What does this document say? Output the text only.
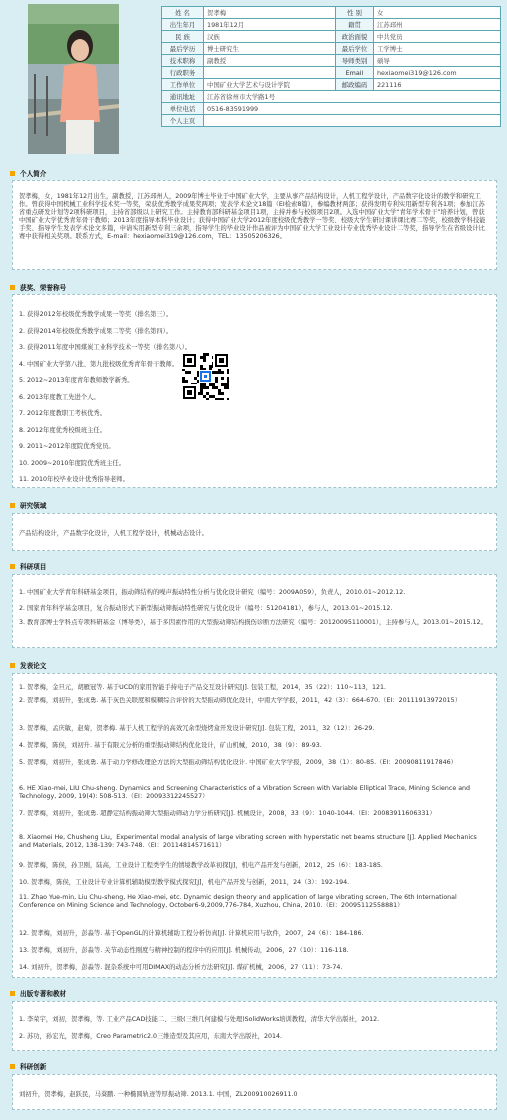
姓 名	贺孝梅	性 别	女
出生年月	1981年12月	籍贯	江苏邳州
民 族	汉族	政治面貌	中共党员
最后学历	博士研究生	最后学位	工学博士
技术职称	副教授	导师类别	硕导
行政职务		Email	hexiaomei319@126.com
工作单位	中国矿业大学艺术与设计学院	邮政编码	221116
通讯地址	江苏省徐州市大学路1号		
单位电话	0516-83591999		
个人主页			
个人简介
贺孝梅，女，1981年12月出生，副教授，江苏邳州人，2009年博士毕业于中国矿业大学，主要从事产品结构设计，人机工程学设计，产品数字化设计的教学和研究工作。曾获得中国机械工业科学技术奖一等奖，荣获优秀教学成果奖两项；发表学术论文18篇（EI检索8篇），参编教材两部；获得发明专利实用新型专利各1项；参加江苏省重点研发计划等2项科研项目，主持省部级以上研究工作。主持教育部科研基金项目1项，主持并参与校级项目2项。入选中国矿业大学“青年学术骨干”培养计划，曾获中国矿业大学优秀青年骨干教师；2013年度指导本科毕业设计；获得中国矿业大学2012年度校级优秀教学一等奖、校级大学生研讨课讲课比赛二等奖，校级教学科技能手奖、指导学生发表学术论文多篇，申请实用新型专利三余项，指导学生的毕业设计作品被评为中国矿业大学工业设计专业优秀毕业设计二等奖，指导学生在省级设计比赛中获得相关奖项。联系方式，E-mail：hexiaomei319@126.com，TEL：13505206326。
获奖、荣誉称号
1. 获得2012年校级优秀教学成果一等奖（排名第三）。
2. 获得2014年校级优秀教学成果二等奖（排名第四）。
3. 获得2011年度中国煤炭工业科学技术一等奖（排名第八）。
4. 中国矿业大学第八批、第九批校级优秀青年骨干教师。
5. 2012~2013年度青年教师教学新秀。
6. 2013年度教工先进个人。
7. 2012年度教职工考核优秀。
8. 2012年度优秀校级班主任。
9. 2011~2012年度院优秀党员。
10. 2009~2010年度院优秀班主任。
11. 2010年校毕业设计优秀指导老师。
研究领域
产品结构设计，产品数字化设计，人机工程学设计，机械动态设计。
科研项目
1. 中国矿业大学青年科研基金项目，振动筛结构的噪声振动特性分析与优化设计研究（编号：2009A059），负责人，2010.01~2012.12.
2. 国家青年科学基金项目，复合振动形式下新型振动筛振动特性研究与优化设计（编号：51204181），参与人，2013.01~2015.12.
3. 教育部博士学科点专项科研基金（博导类），基于多因素作用的大型振动筛结构损伤诊断方法研究（编号：20120095110001），主持参与人，2013.01~2015.12。
发表论文
1. 贺孝梅，金旦元，胡雁冠等. 基于UCD的家用智能手持电子产品交互设计研究[J]. 包装工程，2014，35（22）：110~113，121.
2. 贺孝梅，刘初升，张成勇. 基于灰色关联度和模糊综合评价的大型振动筛优化设计，中南大学学报，2011，42（3）：664-670.（EI：20111913972015）
3. 贺孝梅，孟庆敏，赵菊，贺孝梅. 基于人机工程学的高效冗余型烧烤盒开发设计研究[J]. 包装工程，2011，32（12）：26-29.
4. 贺孝梅，陈侯，刘初升. 基于有限元分析的重型振动筛结构优化设计，矿山机械，2010，38（9）：89-93.
5. 贺孝梅，刘初升，张成勇. 基于动力学修改理论方法的大型振动筛结构优化设计. 中国矿业大学学报，2009，38（1）：80-85.（EI：20090811917846）
6. HE Xiao-mei, LIU Chu-sheng. Dynamics and Screening Characteristics of a Vibration Screen with Variable Elliptical Trace, Mining Science and Technology, 2009, 19(4): 508-513.（EI：20093312245527）
7. 贺孝梅，刘初升，张成勇. 超静定结构振动筛大型振动筛动力学分析研究[J]. 机械设计，2008，33（9）：1040-1044.（EI：20083911606331）
8. Xiaomei He, Chusheng Liu。Experimental modal analysis of large vibrating screen with hyperstatic net beams structure [J]. Applied Mechanics and Materials, 2012, 138-139: 743-748.（EI：20114814571611）
9. 贺孝梅，陈侯，孙卫刚，陆高，工业设计工程类学生的情境教学改革初探[J]，机电产品开发与创新，2012，25（6）：183-185.
10. 贺孝梅，陈侯，工业设计专业计算机辅助模型教学模式探究[J]，机电产品开发与创新，2011，24（3）：192-194.
11. Zhao Yue-min, Liu Chu-sheng, He Xiao-mei, etc. Dynamic design theory and application of large vibrating screen, The 6th International Conference on Mining Science and Technology, October6-9,2009,776-784, Xuzhou, China, 2010.（EI：20095112558881）
12. 贺孝梅，刘初升，彭淼等. 基于OpenGL的计算机辅助工程分析仿真[J]. 计算机应用与软件，2007，24（6）：184-186.
13. 贺孝梅，刘初升，彭淼等. 关节动态性刚度与精神控制的程序中的应用[J]. 机械传动，2006，27（10）：116-118.
14. 刘初升，贺孝梅，彭淼等. 混杂系统中可用DIMAX的动态分析方法研究[J]. 煤矿机械，2006，27（11）：73-74.
出版专著和教材
1. 李荣宇，刘初，贺孝梅，等. 工业产品CAD技能二、三级(三维几何建模与处理)SolidWorks培训教程，清华大学出版社，2012.
2. 苏功，孙宏光，贺孝梅，Creo Parametric2.0三维造型及其应用，东南大学出版社，2014.
科研创新
刘初升，贺孝梅，赵跃民，马葵鹏. 一种椭圆轨迹等厚振动筛. 2013.1. 中国，ZL200910026911.0
